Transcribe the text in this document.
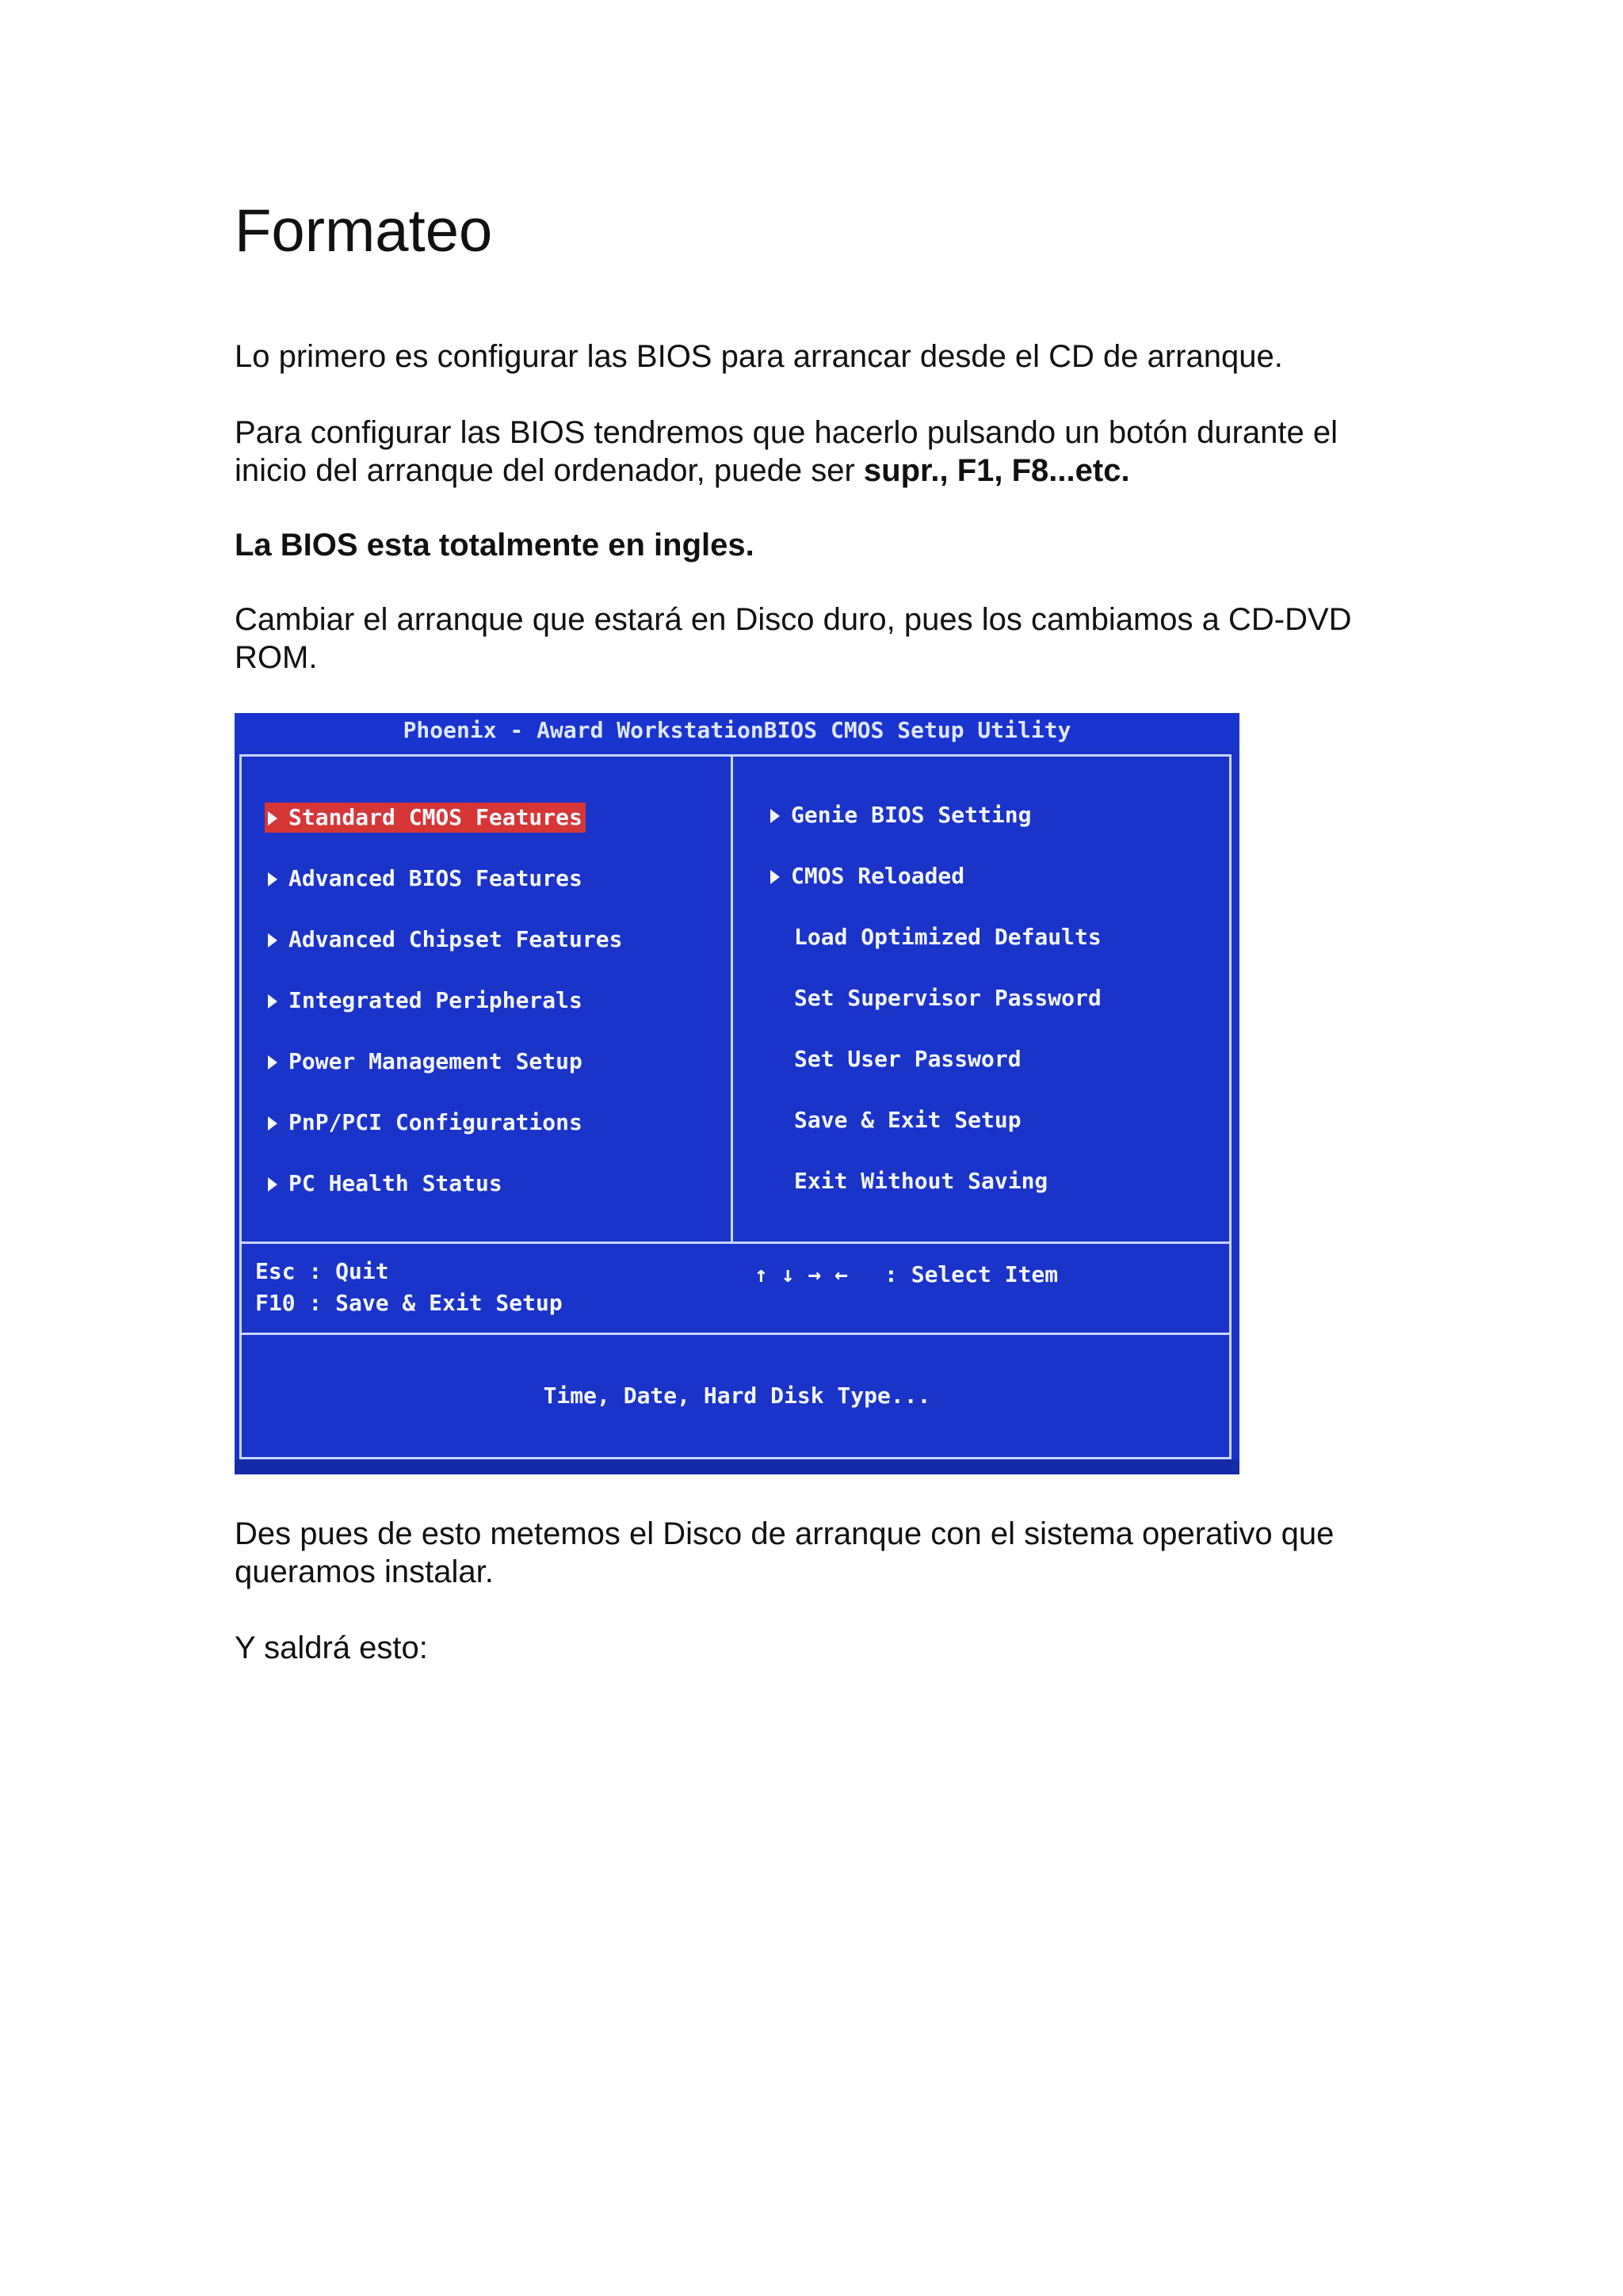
Formateo

Lo primero es configurar las BIOS para arrancar desde el CD de arranque.

Para configurar las BIOS tendremos que hacerlo pulsando un botón durante el
inicio del arranque del ordenador, puede ser supr., F1, F8...etc.

La BIOS esta totalmente en ingles.

Cambiar el arranque que estará en Disco duro, pues los cambiamos a CD-DVD
ROM.

Phoenix - Award WorkstationBIOS CMOS Setup Utility
Standard CMOS Features
Advanced BIOS Features
Advanced Chipset Features
Integrated Peripherals
Power Management Setup
PnP/PCI Configurations
PC Health Status
Genie BIOS Setting
CMOS Reloaded
Load Optimized Defaults
Set Supervisor Password
Set User Password
Save & Exit Setup
Exit Without Saving
Esc : Quit
F10 : Save & Exit Setup
↑ ↓ → ← : Select Item
Time, Date, Hard Disk Type...

Des pues de esto metemos el Disco de arranque con el sistema operativo que
queramos instalar.

Y saldrá esto:
